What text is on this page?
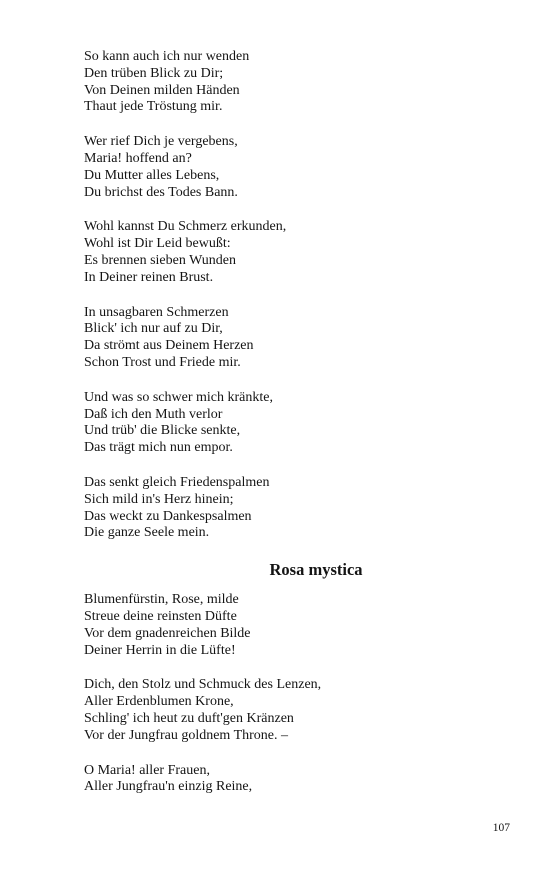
So kann auch ich nur wenden
Den trüben Blick zu Dir;
Von Deinen milden Händen
Thaut jede Tröstung mir.
Wer rief Dich je vergebens,
Maria! hoffend an?
Du Mutter alles Lebens,
Du brichst des Todes Bann.
Wohl kannst Du Schmerz erkunden,
Wohl ist Dir Leid bewußt:
Es brennen sieben Wunden
In Deiner reinen Brust.
In unsagbaren Schmerzen
Blick' ich nur auf zu Dir,
Da strömt aus Deinem Herzen
Schon Trost und Friede mir.
Und was so schwer mich kränkte,
Daß ich den Muth verlor
Und trüb' die Blicke senkte,
Das trägt mich nun empor.
Das senkt gleich Friedenspalmen
Sich mild in's Herz hinein;
Das weckt zu Dankespsalmen
Die ganze Seele mein.
Rosa mystica
Blumenfürstin, Rose, milde
Streue deine reinsten Düfte
Vor dem gnadenreichen Bilde
Deiner Herrin in die Lüfte!
Dich, den Stolz und Schmuck des Lenzen,
Aller Erdenblumen Krone,
Schling' ich heut zu duft'gen Kränzen
Vor der Jungfrau goldnem Throne. –
O Maria! aller Frauen,
Aller Jungfrau'n einzig Reine,
107
